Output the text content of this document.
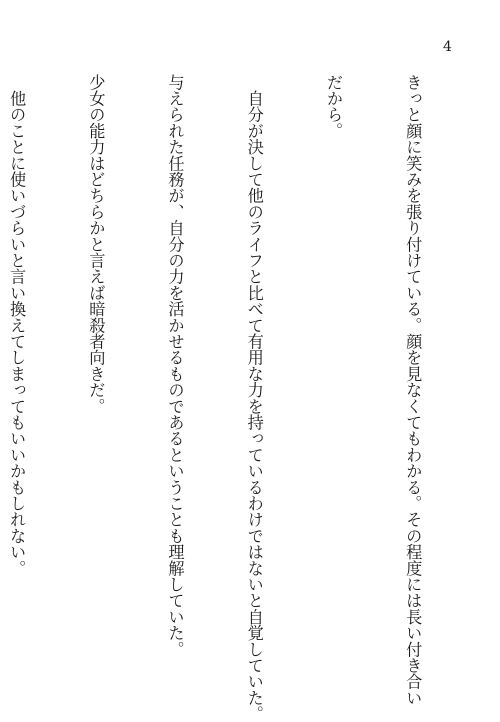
4

きっと顔に笑みを張り付けている。顔を見なくてもわかる。その程度には長い付き合い

だから。

　自分が決して他のライフと比べて有用な力を持っているわけではないと自覚していた。

与えられた任務が、自分の力を活かせるものであるということも理解していた。

少女の能力はどちらかと言えば暗殺者向きだ。

　他のことに使いづらいと言い換えてしまってもいいかもしれない。
